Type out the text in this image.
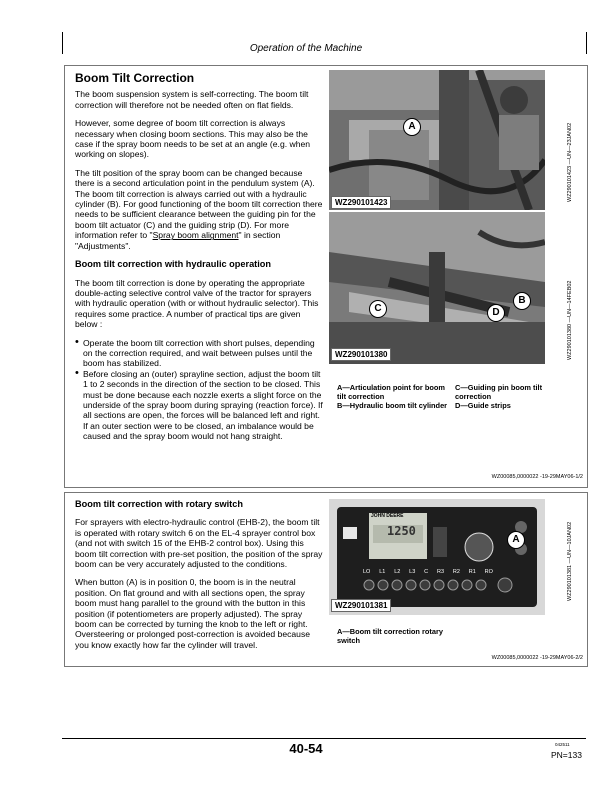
Operation of the Machine
Boom Tilt Correction

The boom suspension system is self-correcting. The boom tilt correction will therefore not be needed often on flat fields.

However, some degree of boom tilt correction is always necessary when closing boom sections. This may also be the case if the spray boom needs to be set at an angle (e.g. when working on slopes).

The tilt position of the spray boom can be changed because there is a second articulation point in the pendulum system (A). The boom tilt correction is always carried out with a hydraulic cylinder (B). For good functioning of the boom tilt correction there needs to be sufficient clearance between the guiding pin for the boom tilt actuator (C) and the guiding strip (D). For more information refer to "Spray boom alignment" in section "Adjustments".

Boom tilt correction with hydraulic operation

The boom tilt correction is done by operating the appropriate double-acting selective control valve of the tractor for sprayers with hydraulic operation (with or without hydraulic selector). This requires some practice. A number of practical tips are given below :

• Operate the boom tilt correction with short pulses, depending on the correction required, and wait between pulses until the boom has stabilized.
• Before closing an (outer) sprayline section, adjust the boom tilt 1 to 2 seconds in the direction of the section to be closed. This must be done because each nozzle exerts a slight force on the underside of the spray boom during spraying (reaction force). If all sections are open, the forces will be balanced left and right. If an outer section were to be closed, an imbalance would be caused and the spray boom would not hang straight.
A
WZ290101423
WZ290101423 —UN—23JAN02
B
C	D
WZ290101380	WZ290101380 —UN—14FEB02
A—Articulation point for boom tilt correction
B—Hydraulic boom tilt cylinder
C—Guiding pin boom tilt correction
D—Guide strips
WZ00085,0000022 -19-29MAY06-1/2
Boom tilt correction with rotary switch

For sprayers with electro-hydraulic control (EHB-2), the boom tilt is operated with rotary switch 6 on the EL-4 sprayer control box (and not with switch 15 of the EHB-2 control box). Using this boom tilt correction with pre-set position, the position of the spray boom can be very accurately adjusted to the conditions.

When button (A) is in position 0, the boom is in the neutral position. On flat ground and with all sections open, the spray boom must hang parallel to the ground with the button in this position (if potentiometers are properly adjusted). The spray boom can be corrected by turning the knob to the left or right. Oversteering or prolonged post-correction is avoided because you know exactly how far the cylinder will travel.

JOHN DEERE
1250
LO L1 L2 L3 C R3 R2 R1 RO
A
WZ290101381
WZ290101381 —UN—10JAN02
A—Boom tilt correction rotary switch
WZ00085,0000022 -19-29MAY06-2/2
40-54	042511
PN=133
